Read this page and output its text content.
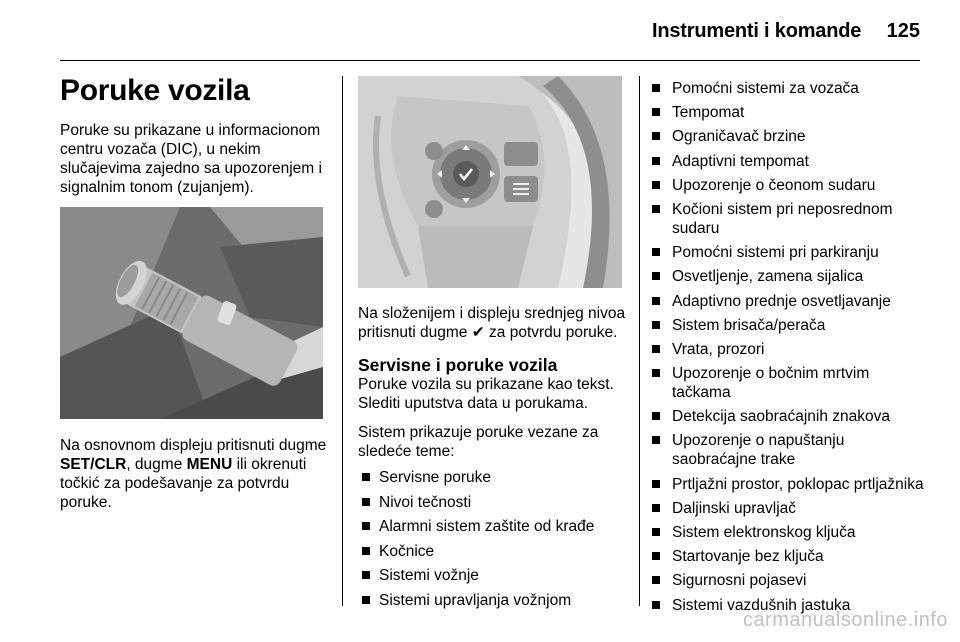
Instrumenti i komande 125
Poruke vozila
Poruke su prikazane u informacionom centru vozača (DIC), u nekim slučajevima zajedno sa upozorenjem i signalnim tonom (zujanjem).
Na osnovnom displeju pritisnuti dugme SET/CLR, dugme MENU ili okrenuti točkić za podešavanje za potvrdu poruke.
Na složenijem i displeju srednjeg nivoa pritisnuti dugme ✔ za potvrdu poruke.
Servisne i poruke vozila
Poruke vozila su prikazane kao tekst. Slediti uputstva data u porukama.
Sistem prikazuje poruke vezane za sledeće teme:
Servisne poruke
Nivoi tečnosti
Alarmni sistem zaštite od krađe
Kočnice
Sistemi vožnje
Sistemi upravljanja vožnjom
Pomoćni sistemi za vozača
Tempomat
Ograničavač brzine
Adaptivni tempomat
Upozorenje o čeonom sudaru
Kočioni sistem pri neposrednom sudaru
Pomoćni sistemi pri parkiranju
Osvetljenje, zamena sijalica
Adaptivno prednje osvetljavanje
Sistem brisača/perača
Vrata, prozori
Upozorenje o bočnim mrtvim tačkama
Detekcija saobraćajnih znakova
Upozorenje o napuštanju saobraćajne trake
Prtljažni prostor, poklopac prtljažnika
Daljinski upravljač
Sistem elektronskog ključa
Startovanje bez ključa
Sigurnosni pojasevi
Sistemi vazdušnih jastuka
carmanualsonline.info
